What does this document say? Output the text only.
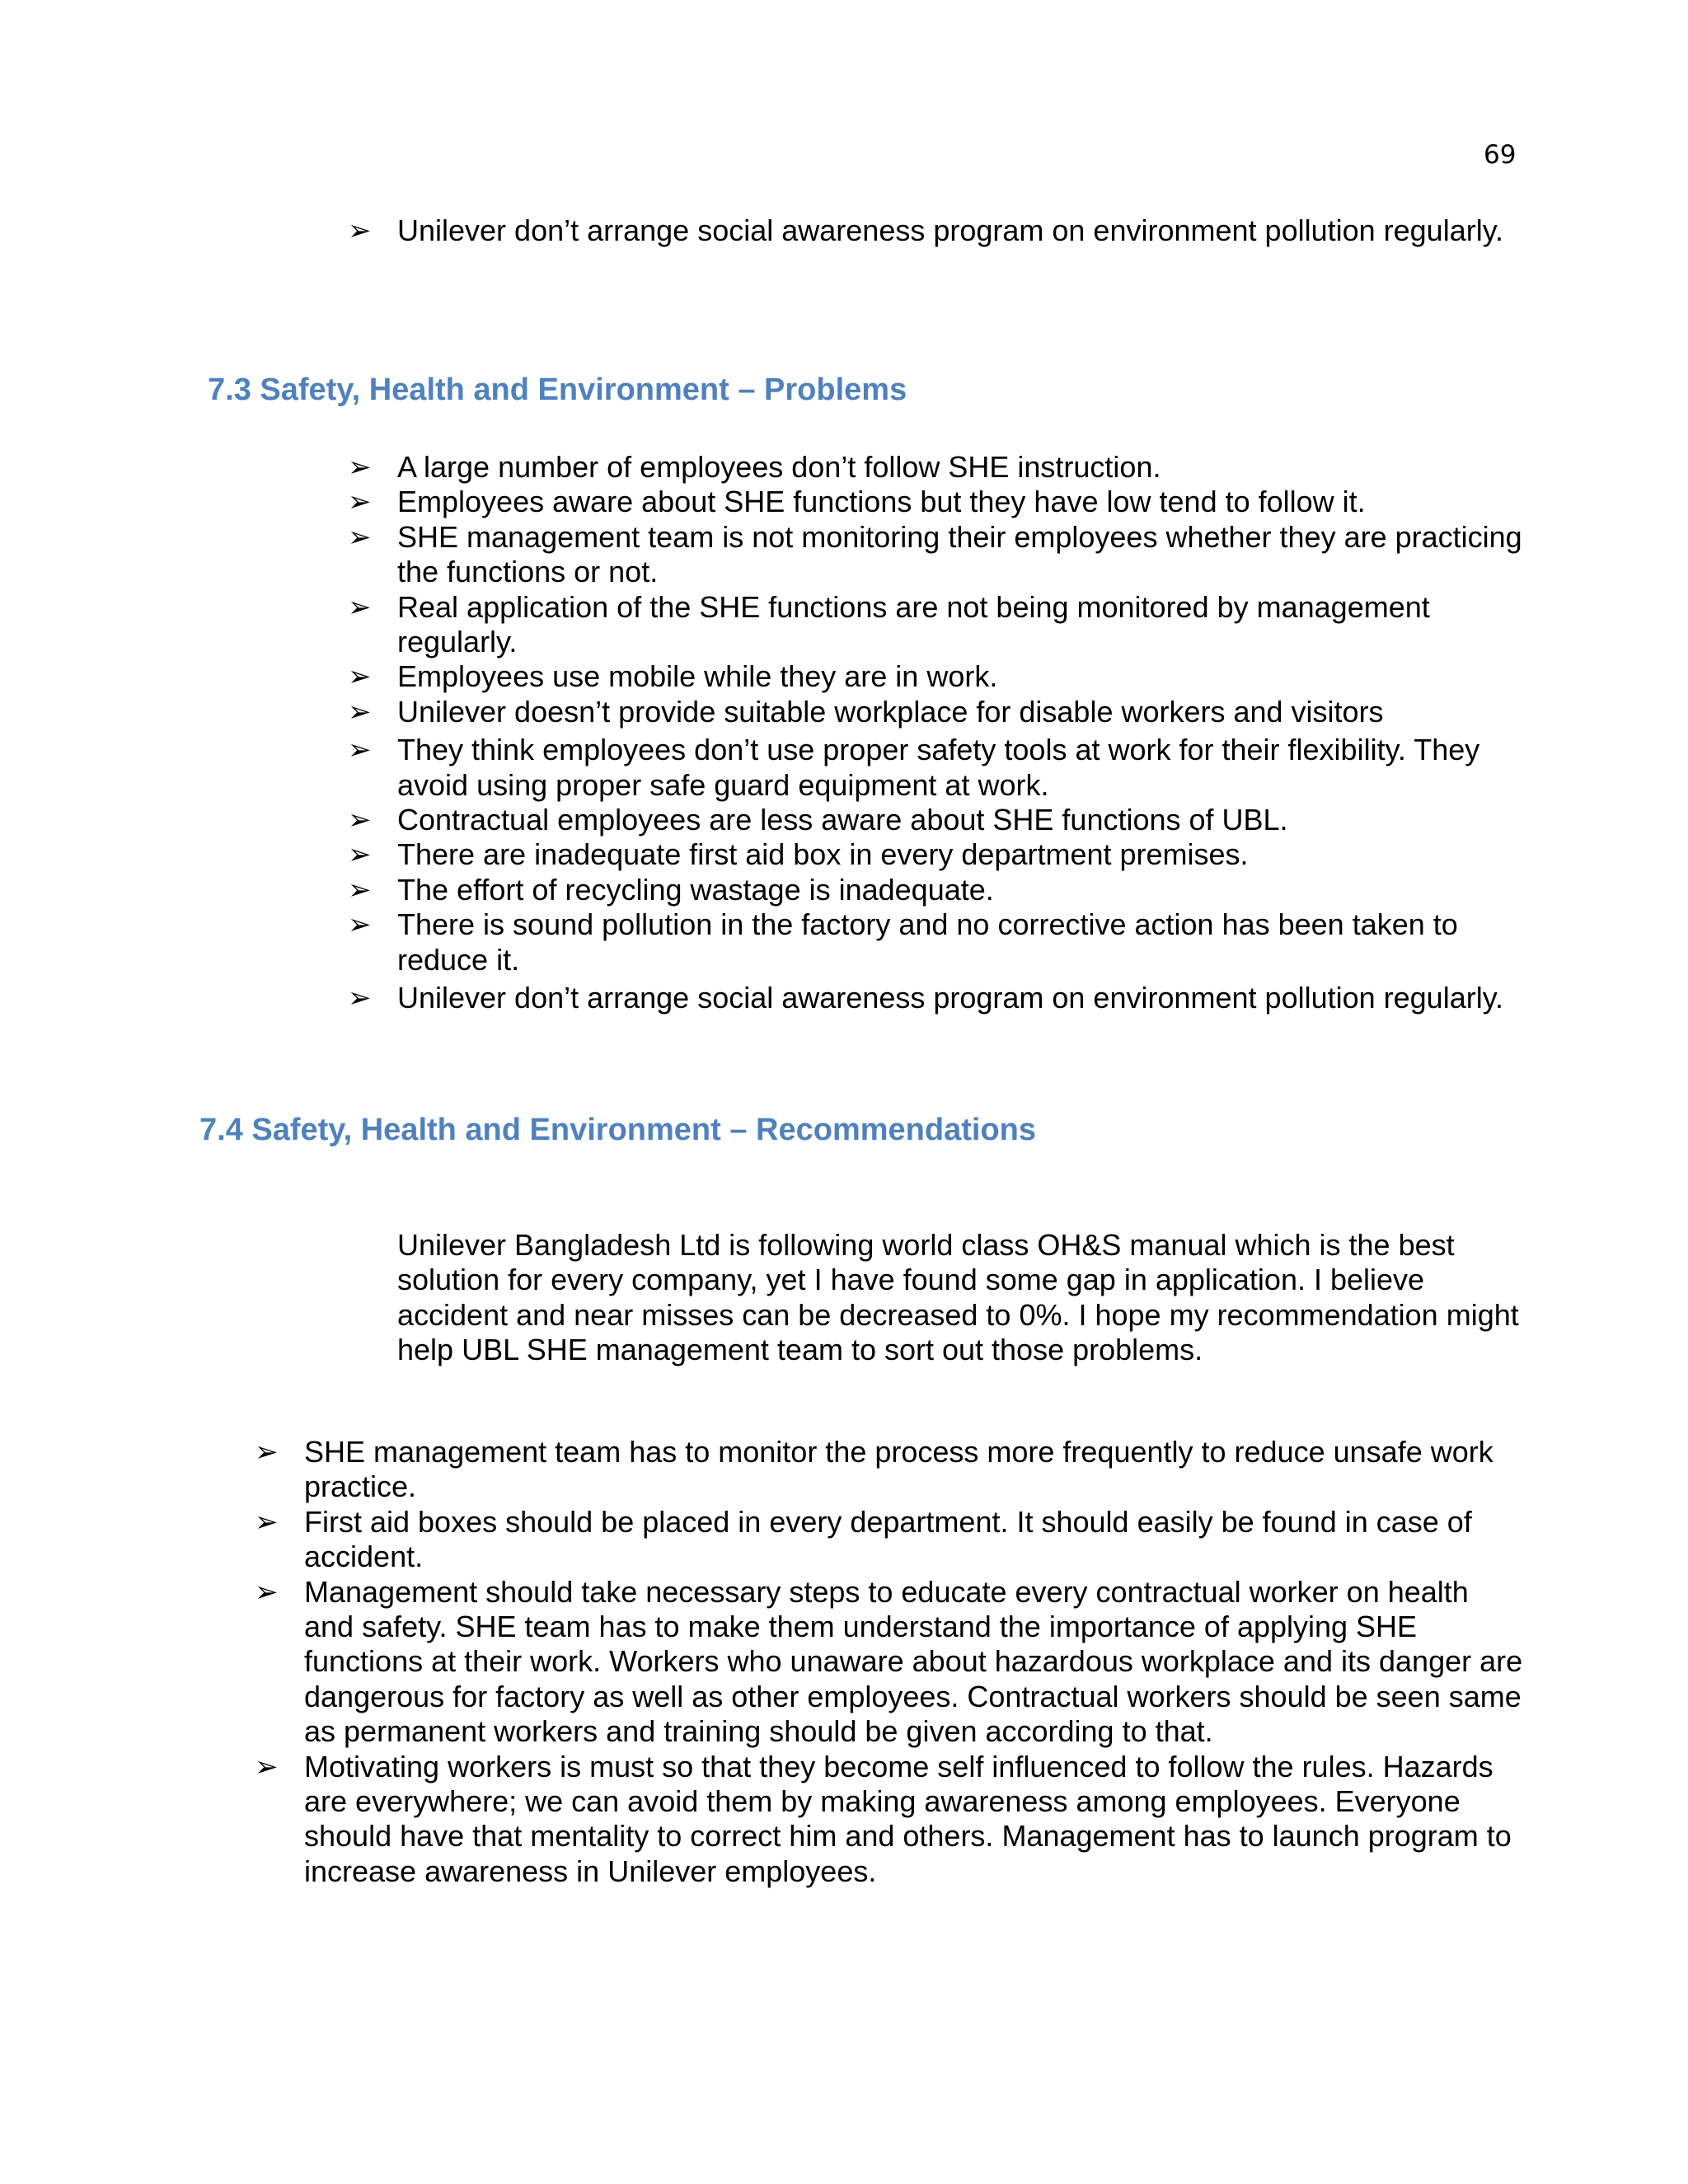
69
➢ Unilever don’t arrange social awareness program on environment pollution regularly.
7.3 Safety, Health and Environment – Problems
➢ A large number of employees don’t follow SHE instruction.
➢ Employees aware about SHE functions but they have low tend to follow it.
➢ SHE management team is not monitoring their employees whether they are practicing the functions or not.
➢ Real application of the SHE functions are not being monitored by management regularly.
➢ Employees use mobile while they are in work.
➢ Unilever doesn’t provide suitable workplace for disable workers and visitors
➢ They think employees don’t use proper safety tools at work for their flexibility. They avoid using proper safe guard equipment at work.
➢ Contractual employees are less aware about SHE functions of UBL.
➢ There are inadequate first aid box in every department premises.
➢ The effort of recycling wastage is inadequate.
➢ There is sound pollution in the factory and no corrective action has been taken to reduce it.
➢ Unilever don’t arrange social awareness program on environment pollution regularly.
7.4 Safety, Health and Environment – Recommendations

Unilever Bangladesh Ltd is following world class OH&S manual which is the best solution for every company, yet I have found some gap in application. I believe accident and near misses can be decreased to 0%. I hope my recommendation might help UBL SHE management team to sort out those problems.

➢ SHE management team has to monitor the process more frequently to reduce unsafe work practice.
➢ First aid boxes should be placed in every department. It should easily be found in case of accident.
➢ Management should take necessary steps to educate every contractual worker on health and safety. SHE team has to make them understand the importance of applying SHE functions at their work. Workers who unaware about hazardous workplace and its danger are dangerous for factory as well as other employees. Contractual workers should be seen same as permanent workers and training should be given according to that.
➢ Motivating workers is must so that they become self influenced to follow the rules. Hazards are everywhere; we can avoid them by making awareness among employees. Everyone should have that mentality to correct him and others. Management has to launch program to increase awareness in Unilever employees.
